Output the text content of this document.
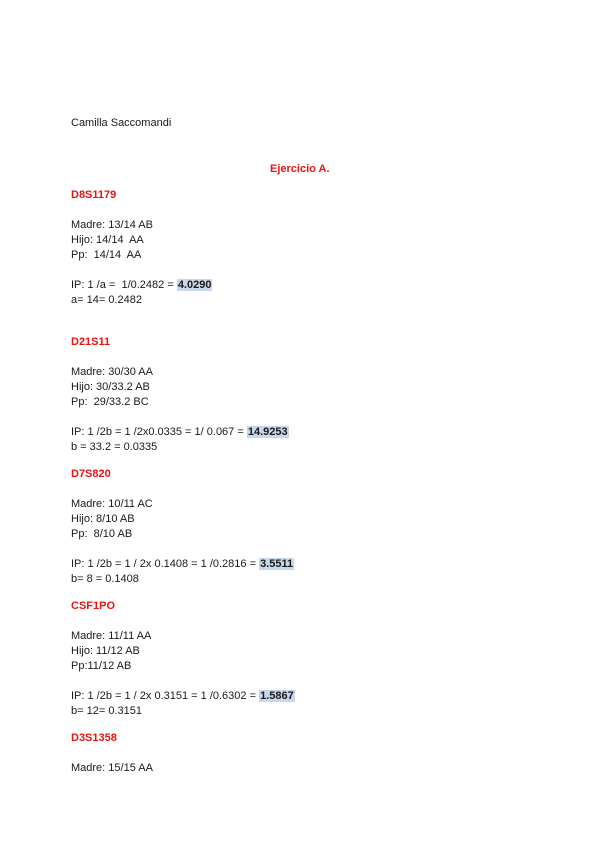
Camilla Saccomandi
Ejercicio A.
D8S1179
Madre: 13/14 AB
Hijo: 14/14  AA
Pp:  14/14  AA
IP: 1 /a =  1/0.2482 = 4.0290
a= 14= 0.2482
D21S11
Madre: 30/30 AA
Hijo: 30/33.2 AB
Pp:  29/33.2 BC
IP: 1 /2b = 1 /2x0.0335 = 1/ 0.067 = 14.9253
b = 33.2 = 0.0335
D7S820
Madre: 10/11 AC
Hijo: 8/10 AB
Pp:  8/10 AB
IP: 1 /2b = 1 / 2x 0.1408 = 1 /0.2816 = 3.5511
b= 8 = 0.1408
CSF1PO
Madre: 11/11 AA
Hijo: 11/12 AB
Pp:11/12 AB
IP: 1 /2b = 1 / 2x 0.3151 = 1 /0.6302 = 1.5867
b= 12= 0.3151
D3S1358
Madre: 15/15 AA
